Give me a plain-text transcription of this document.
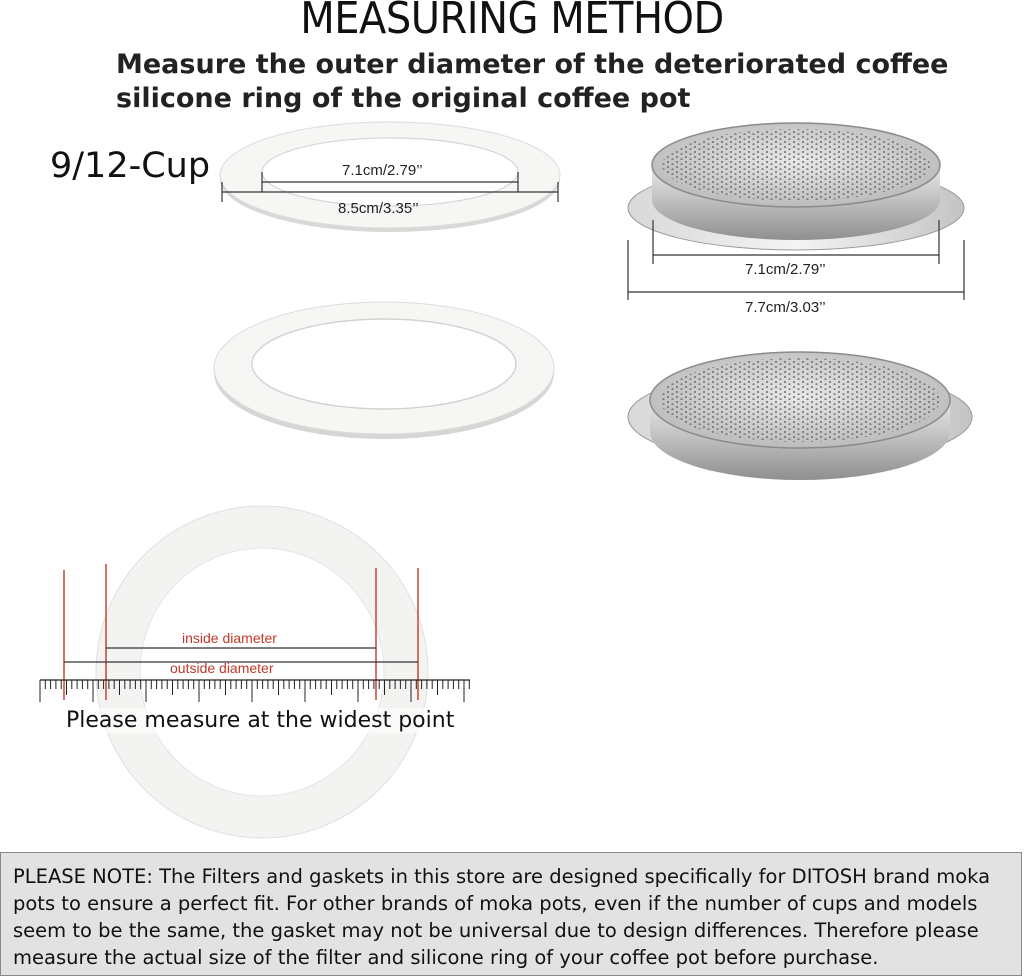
MEASURING METHOD
Measure the outer diameter of the deteriorated coffee silicone ring of the original coffee pot
9/12-Cup	7.1cm/2.79’’
8.5cm/3.35’’
7.1cm/2.79’’
7.7cm/3.03’’
inside diameter
outside diameter
Please measure at the widest point
PLEASE NOTE: The Filters and gaskets in this store are designed specifically for DITOSH brand moka pots to ensure a perfect fit. For other brands of moka pots, even if the number of cups and models seem to be the same, the gasket may not be universal due to design differences. Therefore please measure the actual size of the filter and silicone ring of your coffee pot before purchase.
